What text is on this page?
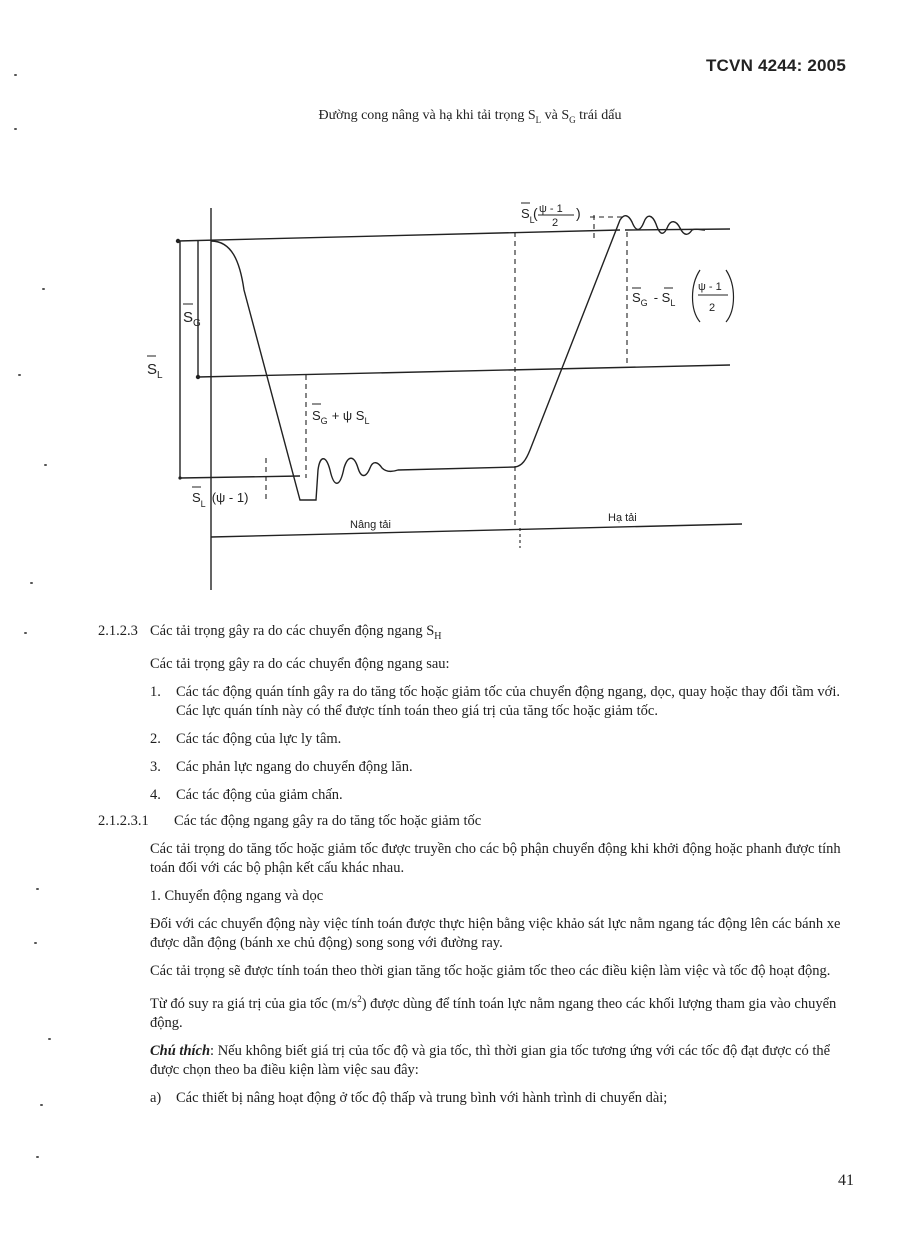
TCVN 4244: 2005
Đường cong nâng và hạ khi tải trọng $S_L$ và $S_G$ trái dấu
$S_L$
$S_G$
$S_G + \psi$ $S_L$
$S_L$ (ψ - 1)
$S_L$
ψ - 1
2
(	)
$S_G - S_L$
ψ - 1
2
Nâng tải
Hạ tải

2.1.2.3 Các tải trọng gây ra do các chuyển động ngang $S_H$

Các tải trọng gây ra do các chuyển động ngang sau:

1.	Các tác động quán tính gây ra do tăng tốc hoặc giảm tốc của chuyển động ngang, dọc, quay hoặc thay đổi tầm với. Các lực quán tính này có thể được tính toán theo giá trị của tăng tốc hoặc giảm tốc.

2.	Các tác động của lực ly tâm.

3.	Các phản lực ngang do chuyển động lăn.

4.	Các tác động của giảm chấn.

2.1.2.3.1 Các tác động ngang gây ra do tăng tốc hoặc giảm tốc

Các tải trọng do tăng tốc hoặc giảm tốc được truyền cho các bộ phận chuyển động khi khởi động hoặc phanh được tính toán đối với các bộ phận kết cấu khác nhau.

1. Chuyển động ngang và dọc

Đối với các chuyển động này việc tính toán được thực hiện bằng việc khảo sát lực nằm ngang tác động lên các bánh xe được dẫn động (bánh xe chủ động) song song với đường ray.

Các tải trọng sẽ được tính toán theo thời gian tăng tốc hoặc giảm tốc theo các điều kiện làm việc và tốc độ hoạt động.

Từ đó suy ra giá trị của gia tốc $(m/s^2)$ được dùng để tính toán lực nằm ngang theo các khối lượng tham gia vào chuyển động.

Chú thích: Nếu không biết giá trị của tốc độ và gia tốc, thì thời gian gia tốc tương ứng với các tốc độ đạt được có thể được chọn theo ba điều kiện làm việc sau đây:

a) Các thiết bị nâng hoạt động ở tốc độ thấp và trung bình với hành trình di chuyển dài;

41
